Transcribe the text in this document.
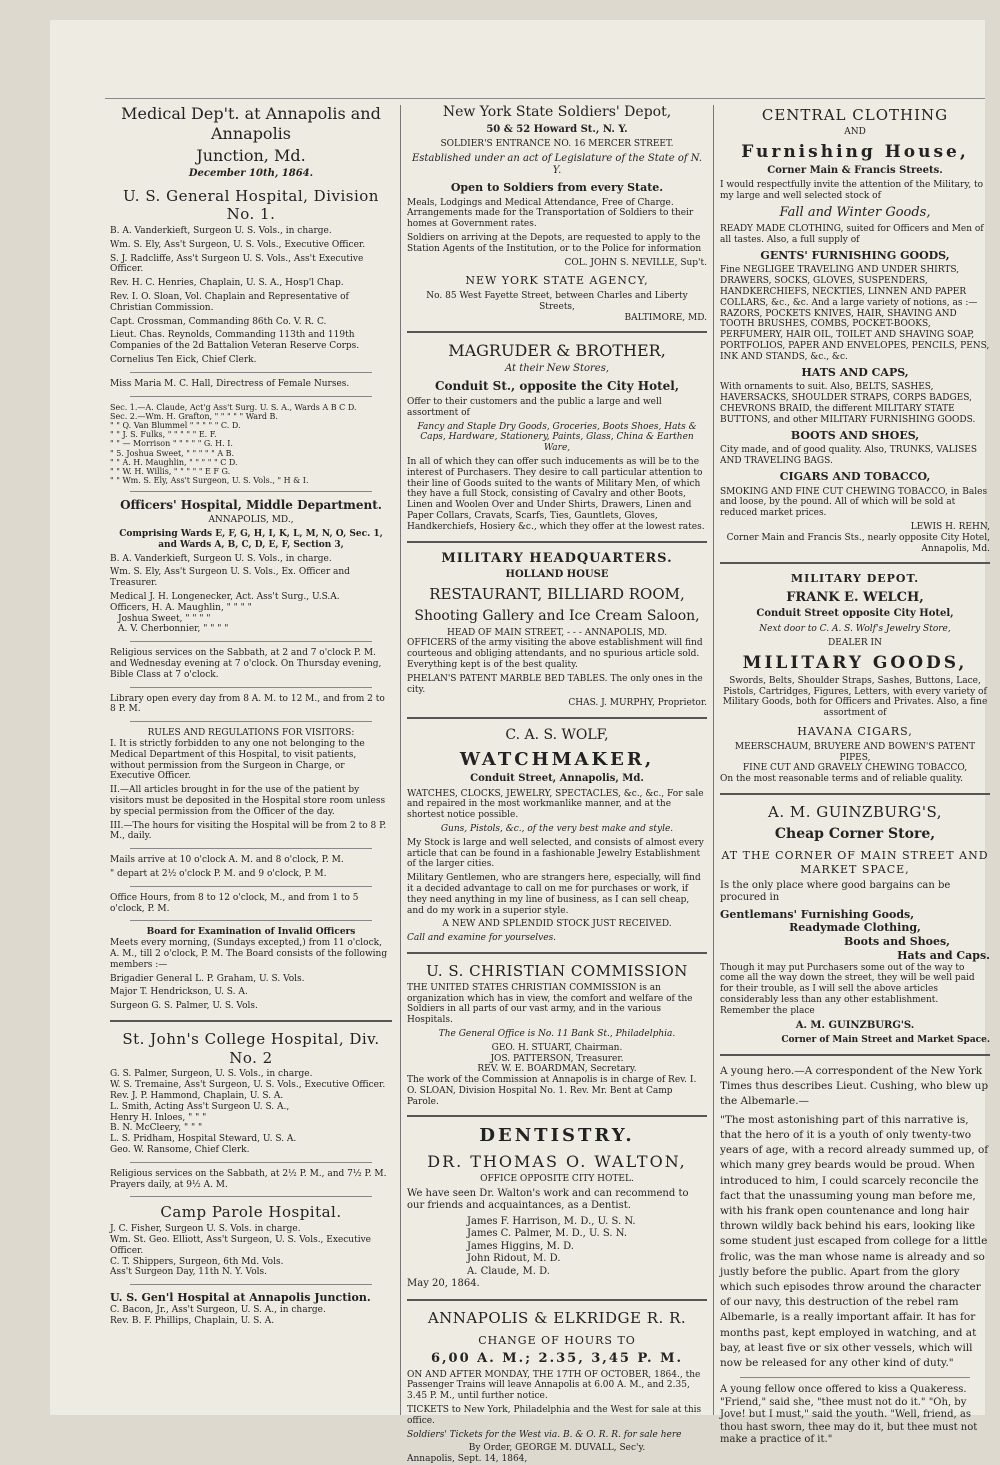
Medical Dep't. at Annapolis and Annapolis
Junction, Md.
December 10th, 1864.
U. S. General Hospital, Division No. 1.

B. A. Vanderkieft, Surgeon U. S. Vols., in charge.

Wm. S. Ely, Ass't Surgeon, U. S. Vols., Executive Officer.

S. J. Radcliffe, Ass't Surgeon U. S. Vols., Ass't Executive Officer.

Rev. H. C. Henries, Chaplain, U. S. A., Hosp'l Chap.

Rev. I. O. Sloan, Vol. Chaplain and Representative of Christian Commission.

Capt. Crossman, Commanding 86th Co. V. R. C.

Lieut. Chas. Reynolds, Commanding 113th and 119th Companies of the 2d Battalion Veteran Reserve Corps.

Cornelius Ten Eick, Chief Clerk.

Miss Maria M. C. Hall, Directress of Female Nurses.

Sec. 1.—A. Claude, Act'g Ass't Surg. U. S. A., Wards A B C D.
Sec. 2.—Wm. H. Grafton, " " " " " Ward B.
" " Q. Van Blummel " " " " " C. D.
" " J. S. Fulks, " " " " " E. F.
" " — Morrison " " " " " G. H. I.
" 5. Joshua Sweet, " " " " " A B.
" " A. H. Maughlin, " " " " " C D.
" " W. H. Willis, " " " " " E F G.
" " Wm. S. Ely, Ass't Surgeon, U. S. Vols., " H & I.
Officers' Hospital, Middle Department.
ANNAPOLIS, MD.,
Comprising Wards E, F, G, H, I, K, L, M, N, O, Sec. 1, and Wards A, B, C, D, E, F, Section 3,

B. A. Vanderkieft, Surgeon U. S. Vols., in charge.

Wm. S. Ely, Ass't Surgeon U. S. Vols., Ex. Officer and Treasurer.

Medical J. H. Longenecker, Act. Ass't Surg., U.S.A.
Officers, H. A. Maughlin, " " " "
Joshua Sweet, " " " "
A. V. Cherbonnier, " " " "

Religious services on the Sabbath, at 2 and 7 o'clock P. M. and Wednesday evening at 7 o'clock. On Thursday evening, Bible Class at 7 o'clock.

Library open every day from 8 A. M. to 12 M., and from 2 to 8 P. M.

RULES AND REGULATIONS FOR VISITORS:

I. It is strictly forbidden to any one not belonging to the Medical Department of this Hospital, to visit patients, without permission from the Surgeon in Charge, or Executive Officer.

II.—All articles brought in for the use of the patient by visitors must be deposited in the Hospital store room unless by special permission from the Officer of the day.

III.—The hours for visiting the Hospital will be from 2 to 8 P. M., daily.

Mails arrive at 10 o'clock A. M. and 8 o'clock, P. M.

" depart at 2½ o'clock P. M. and 9 o'clock, P. M.

Office Hours, from 8 to 12 o'clock, M., and from 1 to 5 o'clock, P. M.

Board for Examination of Invalid Officers

Meets every morning, (Sundays excepted,) from 11 o'clock, A. M., till 2 o'clock, P. M. The Board consists of the following members :—

Brigadier General L. P. Graham, U. S. Vols.

Major T. Hendrickson, U. S. A.

Surgeon G. S. Palmer, U. S. Vols.

St. John's College Hospital, Div. No. 2
G. S. Palmer, Surgeon, U. S. Vols., in charge.
W. S. Tremaine, Ass't Surgeon, U. S. Vols., Executive Officer.
Rev. J. P. Hammond, Chaplain, U. S. A.
L. Smith, Acting Ass't Surgeon U. S. A.,
Henry H. Inloes, " " "
B. N. McCleery, " " "
L. S. Pridham, Hospital Steward, U. S. A.
Geo. W. Ransome, Chief Clerk.

Religious services on the Sabbath, at 2½ P. M., and 7½ P. M. Prayers daily, at 9½ A. M.

Camp Parole Hospital.
J. C. Fisher, Surgeon U. S. Vols. in charge.
Wm. St. Geo. Elliott, Ass't Surgeon, U. S. Vols., Executive Officer.
C. T. Shippers, Surgeon, 6th Md. Vols.
Ass't Surgeon Day, 11th N. Y. Vols.
U. S. Gen'l Hospital at Annapolis Junction.
C. Bacon, Jr., Ass't Surgeon, U. S. A., in charge.
Rev. B. F. Phillips, Chaplain, U. S. A.
New York State Soldiers' Depot,
50 & 52 Howard St., N. Y.
SOLDIER'S ENTRANCE NO. 16 MERCER STREET.
Established under an act of Legislature of the State of N. Y.
Open to Soldiers from every State.

Meals, Lodgings and Medical Attendance, Free of Charge. Arrangements made for the Transportation of Soldiers to their homes at Government rates.

Soldiers on arriving at the Depots, are requested to apply to the Station Agents of the Institution, or to the Police for information

COL. JOHN S. NEVILLE, Sup't.

NEW YORK STATE AGENCY,
No. 85 West Fayette Street, between Charles and Liberty Streets,
BALTIMORE, MD.
MAGRUDER & BROTHER,
At their New Stores,
Conduit St., opposite the City Hotel,

Offer to their customers and the public a large and well assortment of

Fancy and Staple Dry Goods, Groceries, Boots Shoes, Hats & Caps, Hardware, Stationery, Paints, Glass, China & Earthen Ware,

In all of which they can offer such inducements as will be to the interest of Purchasers. They desire to call particular attention to their line of Goods suited to the wants of Military Men, of which they have a full Stock, consisting of Cavalry and other Boots, Linen and Woolen Over and Under Shirts, Drawers, Linen and Paper Collars, Cravats, Scarfs, Ties, Gauntlets, Gloves, Handkerchiefs, Hosiery &c., which they offer at the lowest rates.

MILITARY HEADQUARTERS.
HOLLAND HOUSE
RESTAURANT, BILLIARD ROOM,
Shooting Gallery and Ice Cream Saloon,
HEAD OF MAIN STREET, - - - ANNAPOLIS, MD.

OFFICERS of the army visiting the above establishment will find courteous and obliging attendants, and no spurious article sold. Everything kept is of the best quality.

PHELAN'S PATENT MARBLE BED TABLES. The only ones in the city.

CHAS. J. MURPHY, Proprietor.

C. A. S. WOLF,
WATCHMAKER,
Conduit Street, Annapolis, Md.

WATCHES, CLOCKS, JEWELRY, SPECTACLES, &c., &c., For sale and repaired in the most workmanlike manner, and at the shortest notice possible.

Guns, Pistols, &c., of the very best make and style.

My Stock is large and well selected, and consists of almost every article that can be found in a fashionable Jewelry Establishment of the larger cities.

Military Gentlemen, who are strangers here, especially, will find it a decided advantage to call on me for purchases or work, if they need anything in my line of business, as I can sell cheap, and do my work in a superior style.

A NEW AND SPLENDID STOCK JUST RECEIVED.

Call and examine for yourselves.

U. S. CHRISTIAN COMMISSION

THE UNITED STATES CHRISTIAN COMMISSION is an organization which has in view, the comfort and welfare of the Soldiers in all parts of our vast army, and in the various Hospitals.

The General Office is No. 11 Bank St., Philadelphia.

GEO. H. STUART, Chairman.
JOS. PATTERSON, Treasurer.
REV. W. E. BOARDMAN, Secretary.

The work of the Commission at Annapolis is in charge of Rev. I. O. SLOAN, Division Hospital No. 1. Rev. Mr. Bent at Camp Parole.

DENTISTRY.
DR. THOMAS O. WALTON,
OFFICE OPPOSITE CITY HOTEL.

We have seen Dr. Walton's work and can recommend to our friends and acquaintances, as a Dentist.

James F. Harrison, M. D., U. S. N.
James C. Palmer, M. D., U. S. N.
James Higgins, M. D.
John Ridout, M. D.
A. Claude, M. D.
May 20, 1864.
ANNAPOLIS & ELKRIDGE R. R.
CHANGE OF HOURS TO
6,00 A. M.; 2.35, 3,45 P. M.

ON AND AFTER MONDAY, THE 17TH OF OCTOBER, 1864., the Passenger Trains will leave Annapolis at 6.00 A. M., and 2.35, 3.45 P. M., until further notice.

TICKETS to New York, Philadelphia and the West for sale at this office.

Soldiers' Tickets for the West via. B. & O. R. R. for sale here

By Order, GEORGE M. DUVALL, Sec'y.
Annapolis, Sept. 14, 1864,
CENTRAL CLOTHING
AND
Furnishing House,
Corner Main & Francis Streets.

I would respectfully invite the attention of the Military, to my large and well selected stock of

Fall and Winter Goods,

READY MADE CLOTHING, suited for Officers and Men of all tastes. Also, a full supply of

GENTS' FURNISHING GOODS,

Fine NEGLIGEE TRAVELING AND UNDER SHIRTS, DRAWERS, SOCKS, GLOVES, SUSPENDERS, HANDKERCHIEFS, NECKTIES, LINNEN AND PAPER COLLARS, &c., &c. And a large variety of notions, as :—RAZORS, POCKETS KNIVES, HAIR, SHAVING AND TOOTH BRUSHES, COMBS, POCKET-BOOKS, PERFUMERY, HAIR OIL, TOILET AND SHAVING SOAP, PORTFOLIOS, PAPER AND ENVELOPES, PENCILS, PENS, INK AND STANDS, &c., &c.

HATS AND CAPS,

With ornaments to suit. Also, BELTS, SASHES, HAVERSACKS, SHOULDER STRAPS, CORPS BADGES, CHEVRONS BRAID, the different MILITARY STATE BUTTONS, and other MILITARY FURNISHING GOODS.

BOOTS AND SHOES,

City made, and of good quality. Also, TRUNKS, VALISES AND TRAVELING BAGS.

CIGARS AND TOBACCO,

SMOKING AND FINE CUT CHEWING TOBACCO, in Bales and loose, by the pound. All of which will be sold at reduced market prices.

LEWIS H. REHN,
Corner Main and Francis Sts., nearly opposite City Hotel, Annapolis, Md.
MILITARY DEPOT.
FRANK E. WELCH,
Conduit Street opposite City Hotel,
Next door to C. A. S. Wolf's Jewelry Store,
DEALER IN
MILITARY GOODS,

Swords, Belts, Shoulder Straps, Sashes, Buttons, Lace, Pistols, Cartridges, Figures, Letters, with every variety of Military Goods, both for Officers and Privates. Also, a fine assortment of

HAVANA CIGARS,
MEERSCHAUM, BRUYERE AND BOWEN'S PATENT PIPES,
FINE CUT AND GRAVELY CHEWING TOBACCO,
On the most reasonable terms and of reliable quality.
A. M. GUINZBURG'S,
Cheap Corner Store,
AT THE CORNER OF MAIN STREET AND MARKET SPACE,

Is the only place where good bargains can be procured in

Gentlemans' Furnishing Goods,
Readymade Clothing,
Boots and Shoes,
Hats and Caps.

Though it may put Purchasers some out of the way to come all the way down the street, they will be well paid for their trouble, as I will sell the above articles considerably less than any other establishment. Remember the place

A. M. GUINZBURG'S.
Corner of Main Street and Market Space.

A young hero.—A correspondent of the New York Times thus describes Lieut. Cushing, who blew up the Albemarle.—

"The most astonishing part of this narrative is, that the hero of it is a youth of only twenty-two years of age, with a record already summed up, of which many grey beards would be proud. When introduced to him, I could scarcely reconcile the fact that the unassuming young man before me, with his frank open countenance and long hair thrown wildly back behind his ears, looking like some student just escaped from college for a little frolic, was the man whose name is already and so justly before the public. Apart from the glory which such episodes throw around the character of our navy, this destruction of the rebel ram Albemarle, is a really important affair. It has for months past, kept employed in watching, and at bay, at least five or six other vessels, which will now be released for any other kind of duty."

A young fellow once offered to kiss a Quakeress. "Friend," said she, "thee must not do it." "Oh, by Jove! but I must," said the youth. "Well, friend, as thou hast sworn, thee may do it, but thee must not make a practice of it."
